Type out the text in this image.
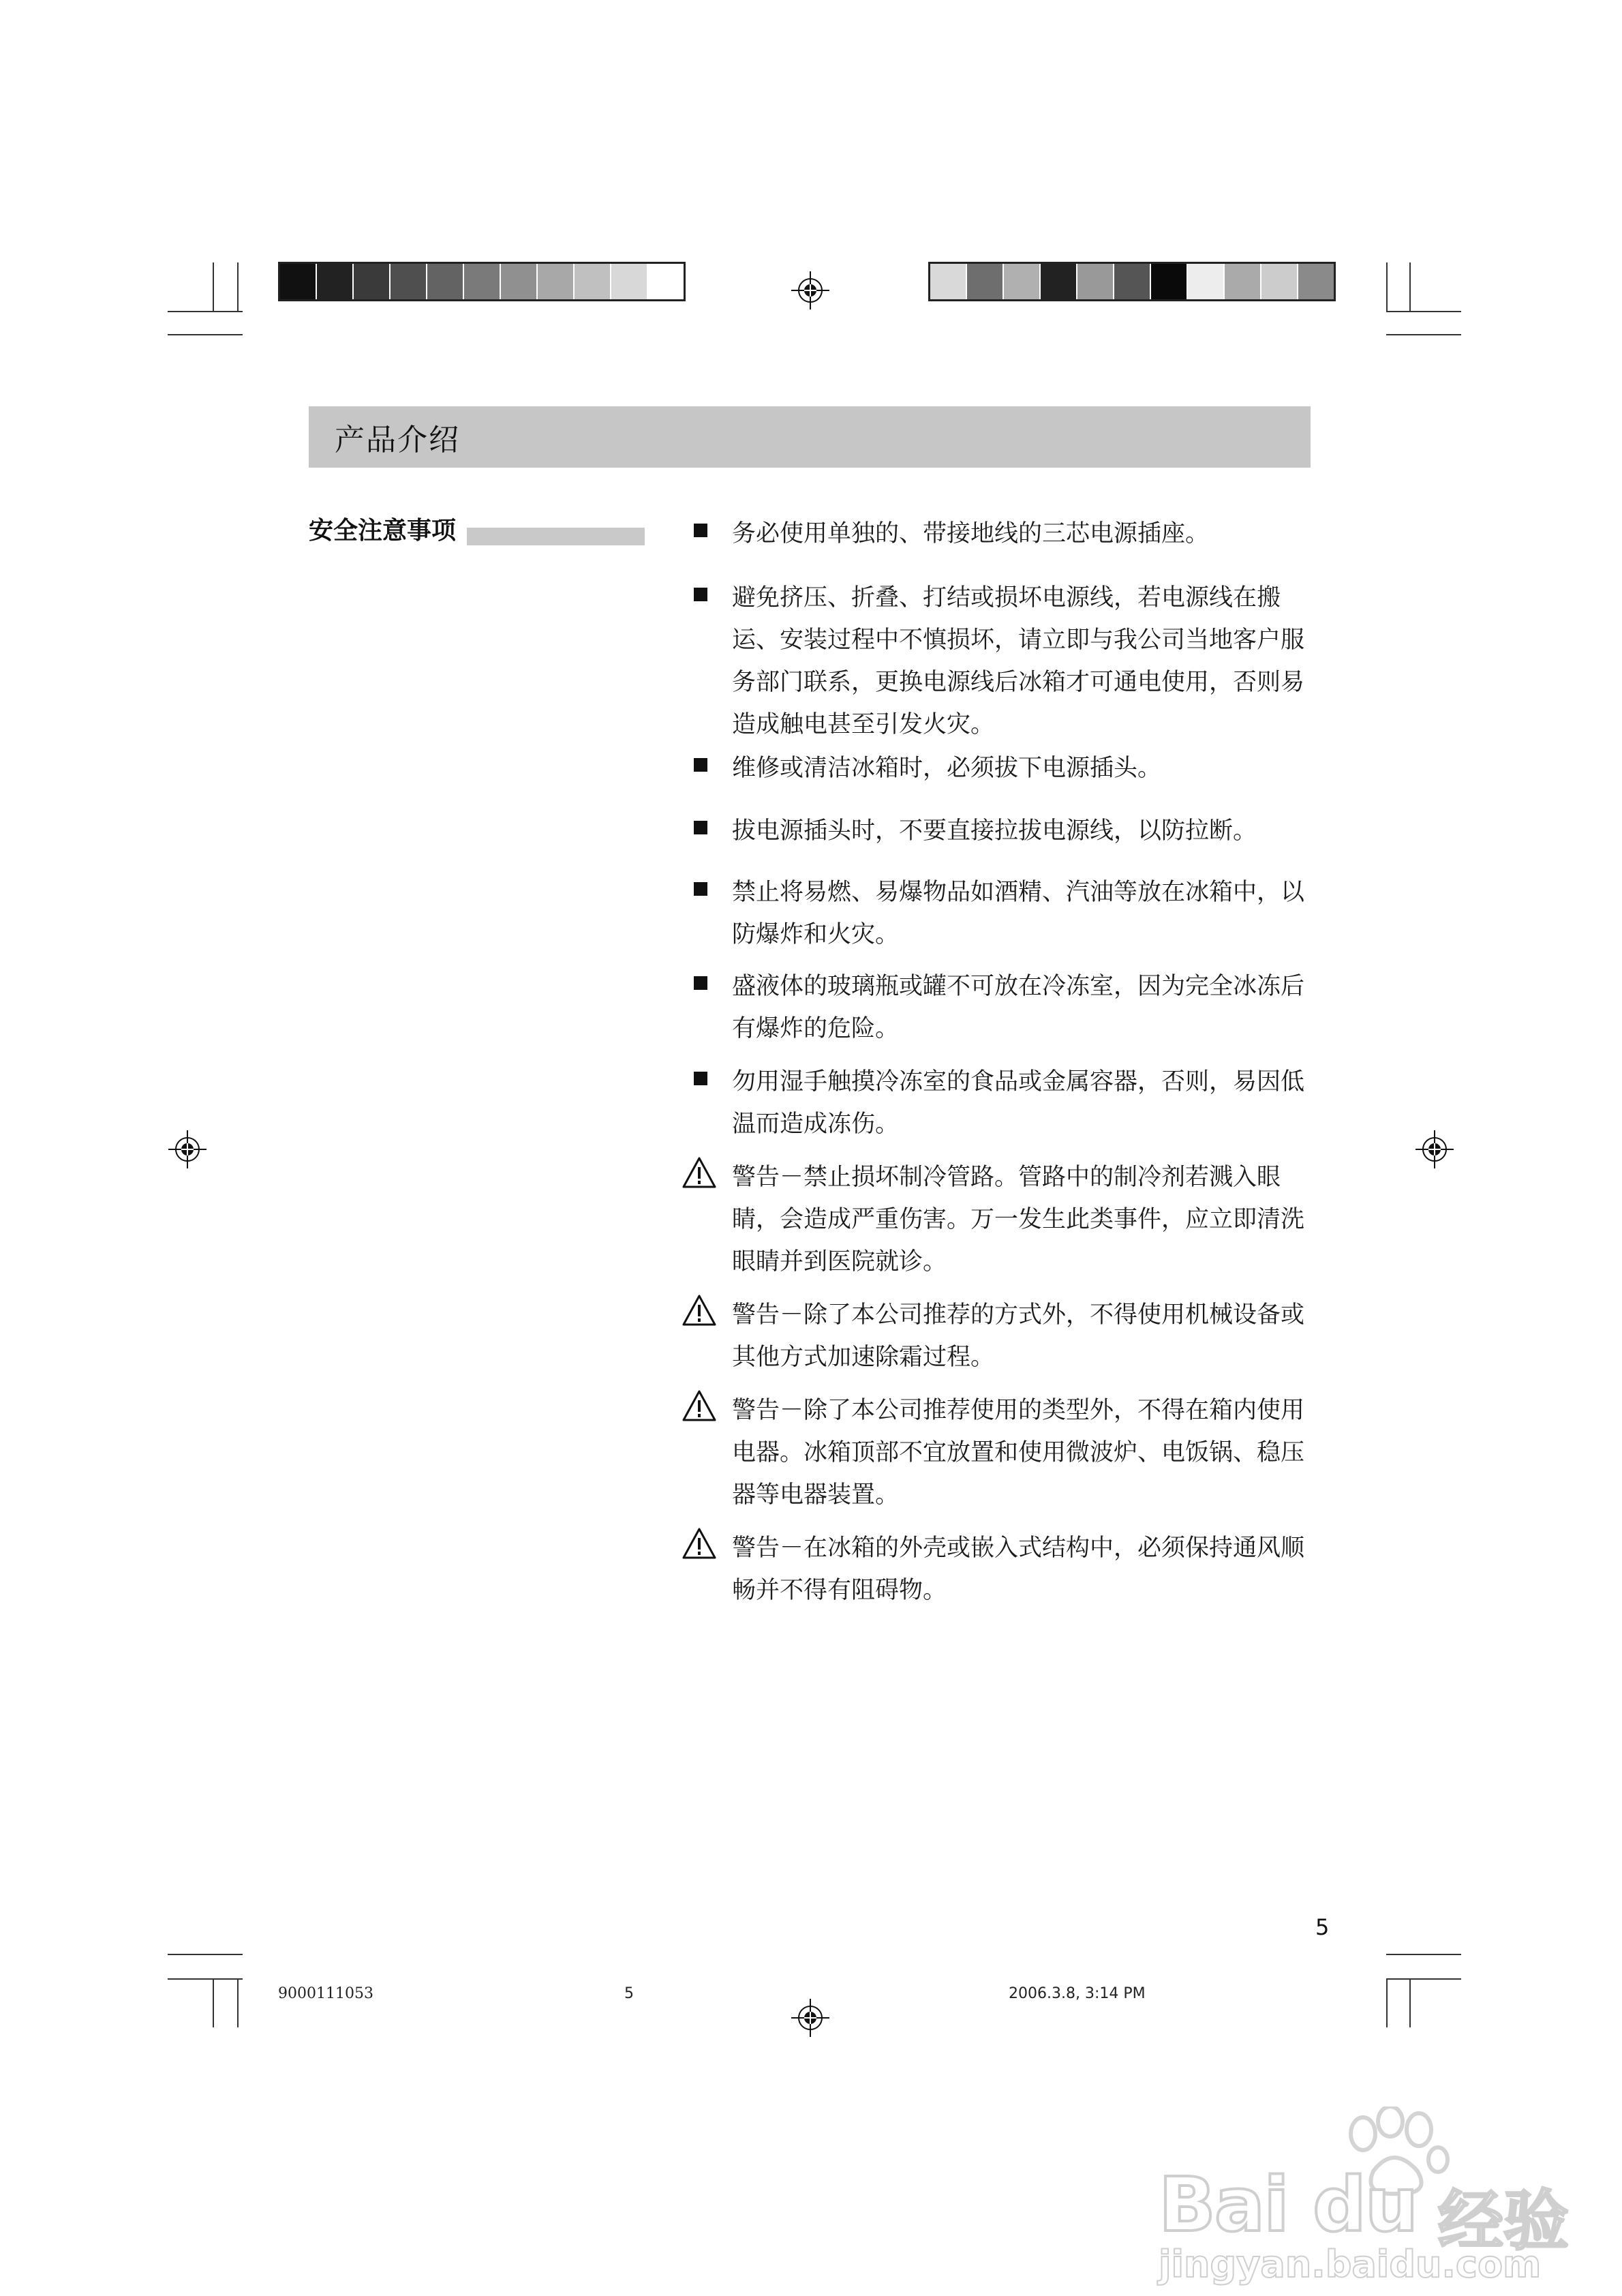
产品介绍
安全注意事项	务必使用单独的、带接地线的三芯电源插座。
避免挤压、折叠、打结或损坏电源线，若电源线在搬运、安装过程中不慎损坏，请立即与我公司当地客户服务部门联系，更换电源线后冰箱才可通电使用，否则易造成触电甚至引发火灾。
维修或清洁冰箱时，必须拔下电源插头。
拔电源插头时，不要直接拉拔电源线，以防拉断。
禁止将易燃、易爆物品如酒精、汽油等放在冰箱中，以防爆炸和火灾。
盛液体的玻璃瓶或罐不可放在冷冻室，因为完全冰冻后有爆炸的危险。
勿用湿手触摸冷冻室的食品或金属容器，否则，易因低温而造成冻伤。
警告－禁止损坏制冷管路。管路中的制冷剂若溅入眼睛，会造成严重伤害。万一发生此类事件，应立即清洗眼睛并到医院就诊。
警告－除了本公司推荐的方式外，不得使用机械设备或其他方式加速除霜过程。
警告－除了本公司推荐使用的类型外，不得在箱内使用电器。冰箱顶部不宜放置和使用微波炉、电饭锅、稳压器等电器装置。
警告－在冰箱的外壳或嵌入式结构中，必须保持通风顺畅并不得有阻碍物。
5
9000111053	5	2006.3.8, 3:14 PM
Bai du 经验
jingyan.baidu.com
